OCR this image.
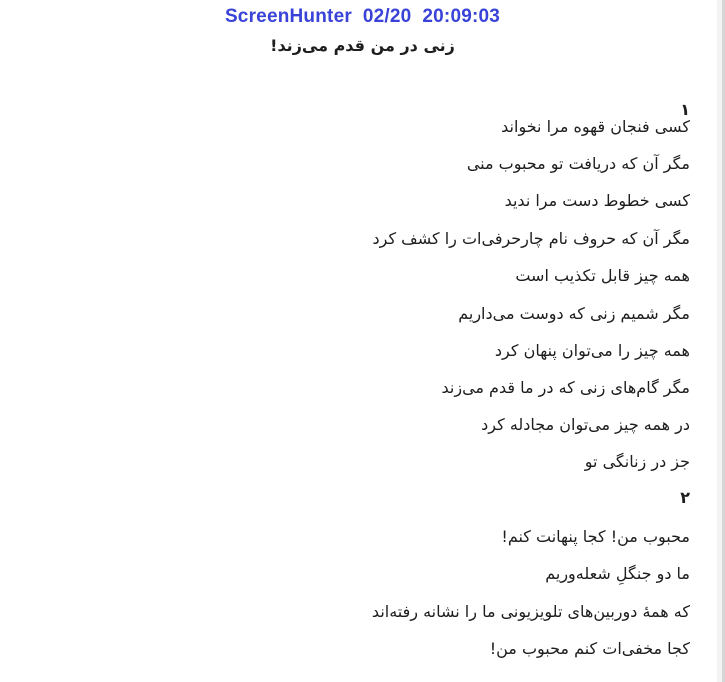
زنی در من قدم می‌زند!
۱
کسی فنجان قهوه مرا نخواند
مگر آن که دریافت تو محبوب منی
کسی خطوط دست مرا ندید
مگر آن که حروف نام چارحرفی‌ات را کشف کرد
همه چیز قابل تکذیب است
مگر شمیم زنی که دوست می‌داریم
همه چیز را می‌توان پنهان کرد
مگر گام‌های زنی که در ما قدم می‌زند
در همه چیز می‌توان مجادله کرد
جز در زنانگی تو
۲
محبوب من! کجا پنهانت کنم!
ما دو جنگلِ شعله‌وریم
که همهٔ دوربین‌های تلویزیونی ما را نشانه رفته‌اند
کجا مخفی‌ات کنم محبوب من!
ScreenHunter  02/20  20:09:03
